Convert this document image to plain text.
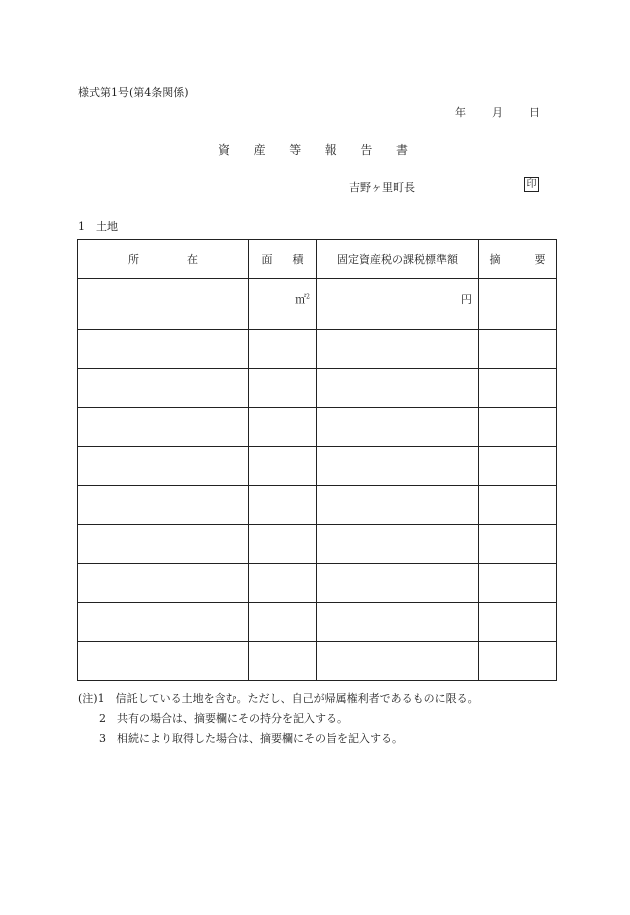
様式第1号(第4条関係)
年 月 日
資 産 等 報 告 書
吉野ヶ里町長	印
1　土地
所 在	面 積	固定資産税の課税標準額	摘 要

	㎡$^2$	円	

(注)1　信託している土地を含む。ただし、自己が帰属権利者であるものに限る。
2　共有の場合は、摘要欄にその持分を記入する。
3　相続により取得した場合は、摘要欄にその旨を記入する。
